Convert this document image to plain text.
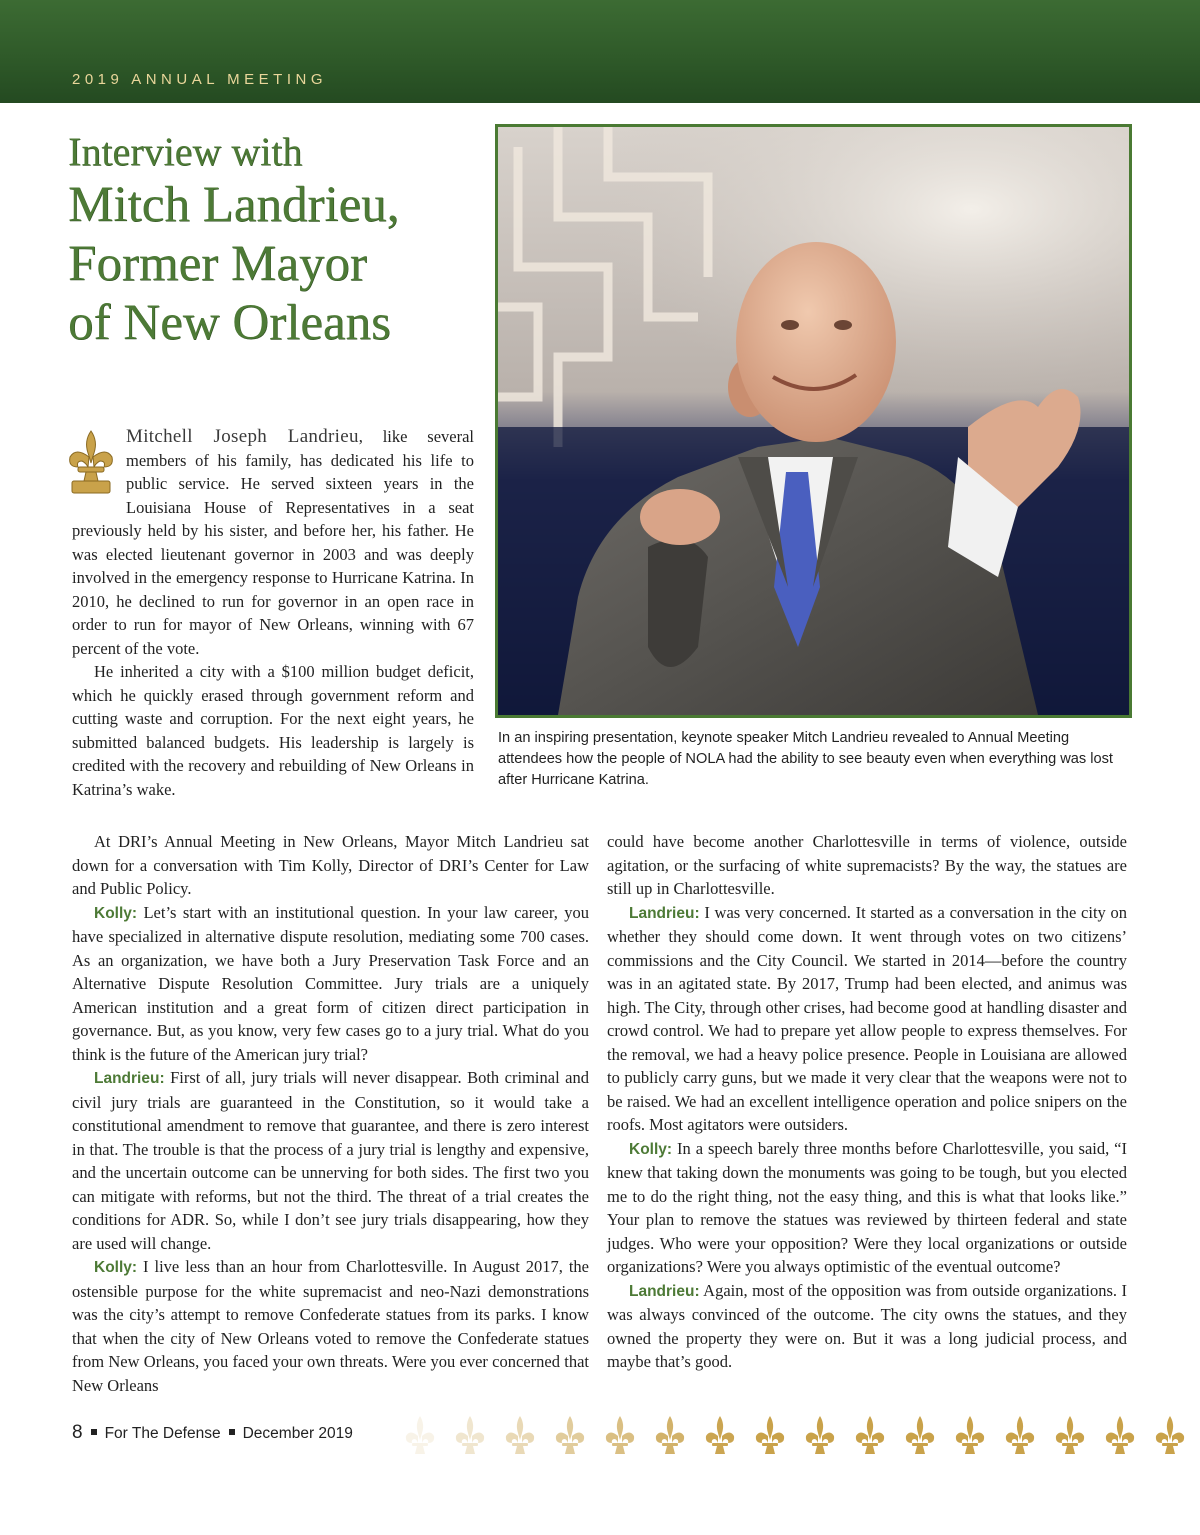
2019 ANNUAL MEETING
Interview with
Mitch Landrieu,
Former Mayor
of New Orleans
In an inspiring presentation, keynote speaker Mitch Landrieu revealed to Annual Meeting attendees how the people of NOLA had the ability to see beauty even when everything was lost after Hurricane Katrina.

Mitchell Joseph Landrieu, like several members of his family, has dedicated his life to public service. He served sixteen years in the Louisiana House of Representatives in a seat previously held by his sister, and before her, his father. He was elected lieutenant governor in 2003 and was deeply involved in the emergency response to Hurricane Katrina. In 2010, he declined to run for governor in an open race in order to run for mayor of New Orleans, winning with 67 percent of the vote.

He inherited a city with a $100 million budget deficit, which he quickly erased through government reform and cutting waste and corruption. For the next eight years, he submitted balanced budgets. His leadership is largely is credited with the recovery and rebuilding of New Orleans in Katrina’s wake.

At DRI’s Annual Meeting in New Orleans, Mayor Mitch Landrieu sat down for a conversation with Tim Kolly, Director of DRI’s Center for Law and Public Policy.

Kolly: Let’s start with an institutional question. In your law career, you have specialized in alternative dispute resolution, mediating some 700 cases. As an organization, we have both a Jury Preservation Task Force and an Alternative Dispute Resolution Committee. Jury trials are a uniquely American institution and a great form of citizen direct participation in governance. But, as you know, very few cases go to a jury trial. What do you think is the future of the American jury trial?

Landrieu: First of all, jury trials will never disappear. Both criminal and civil jury trials are guaranteed in the Constitution, so it would take a constitutional amendment to remove that guarantee, and there is zero interest in that. The trouble is that the process of a jury trial is lengthy and expensive, and the uncertain outcome can be unnerving for both sides. The first two you can mitigate with reforms, but not the third. The threat of a trial creates the conditions for ADR. So, while I don’t see jury trials disappearing, how they are used will change.

Kolly: I live less than an hour from Charlottesville. In August 2017, the ostensible purpose for the white supremacist and neo-Nazi demonstrations was the city’s attempt to remove Confederate statues from its parks. I know that when the city of New Orleans voted to remove the Confederate statues from New Orleans, you faced your own threats. Were you ever concerned that New Orleans

could have become another Charlottesville in terms of violence, outside agitation, or the surfacing of white supremacists? By the way, the statues are still up in Charlottesville.

Landrieu: I was very concerned. It started as a conversation in the city on whether they should come down. It went through votes on two citizens’ commissions and the City Council. We started in 2014—before the country was in an agitated state. By 2017, Trump had been elected, and animus was high. The City, through other crises, had become good at handling disaster and crowd control. We had to prepare yet allow people to express themselves. For the removal, we had a heavy police presence. People in Louisiana are allowed to publicly carry guns, but we made it very clear that the weapons were not to be raised. We had an excellent intelligence operation and police snipers on the roofs. Most agitators were outsiders.

Kolly: In a speech barely three months before Charlottesville, you said, “I knew that taking down the monuments was going to be tough, but you elected me to do the right thing, not the easy thing, and this is what that looks like.” Your plan to remove the statues was reviewed by thirteen federal and state judges. Who were your opposition? Were they local organizations or outside organizations? Were you always optimistic of the eventual outcome?

Landrieu: Again, most of the opposition was from outside organizations. I was always convinced of the outcome. The city owns the statues, and they owned the property they were on. But it was a long judicial process, and maybe that’s good.

8 For The Defense December 2019
